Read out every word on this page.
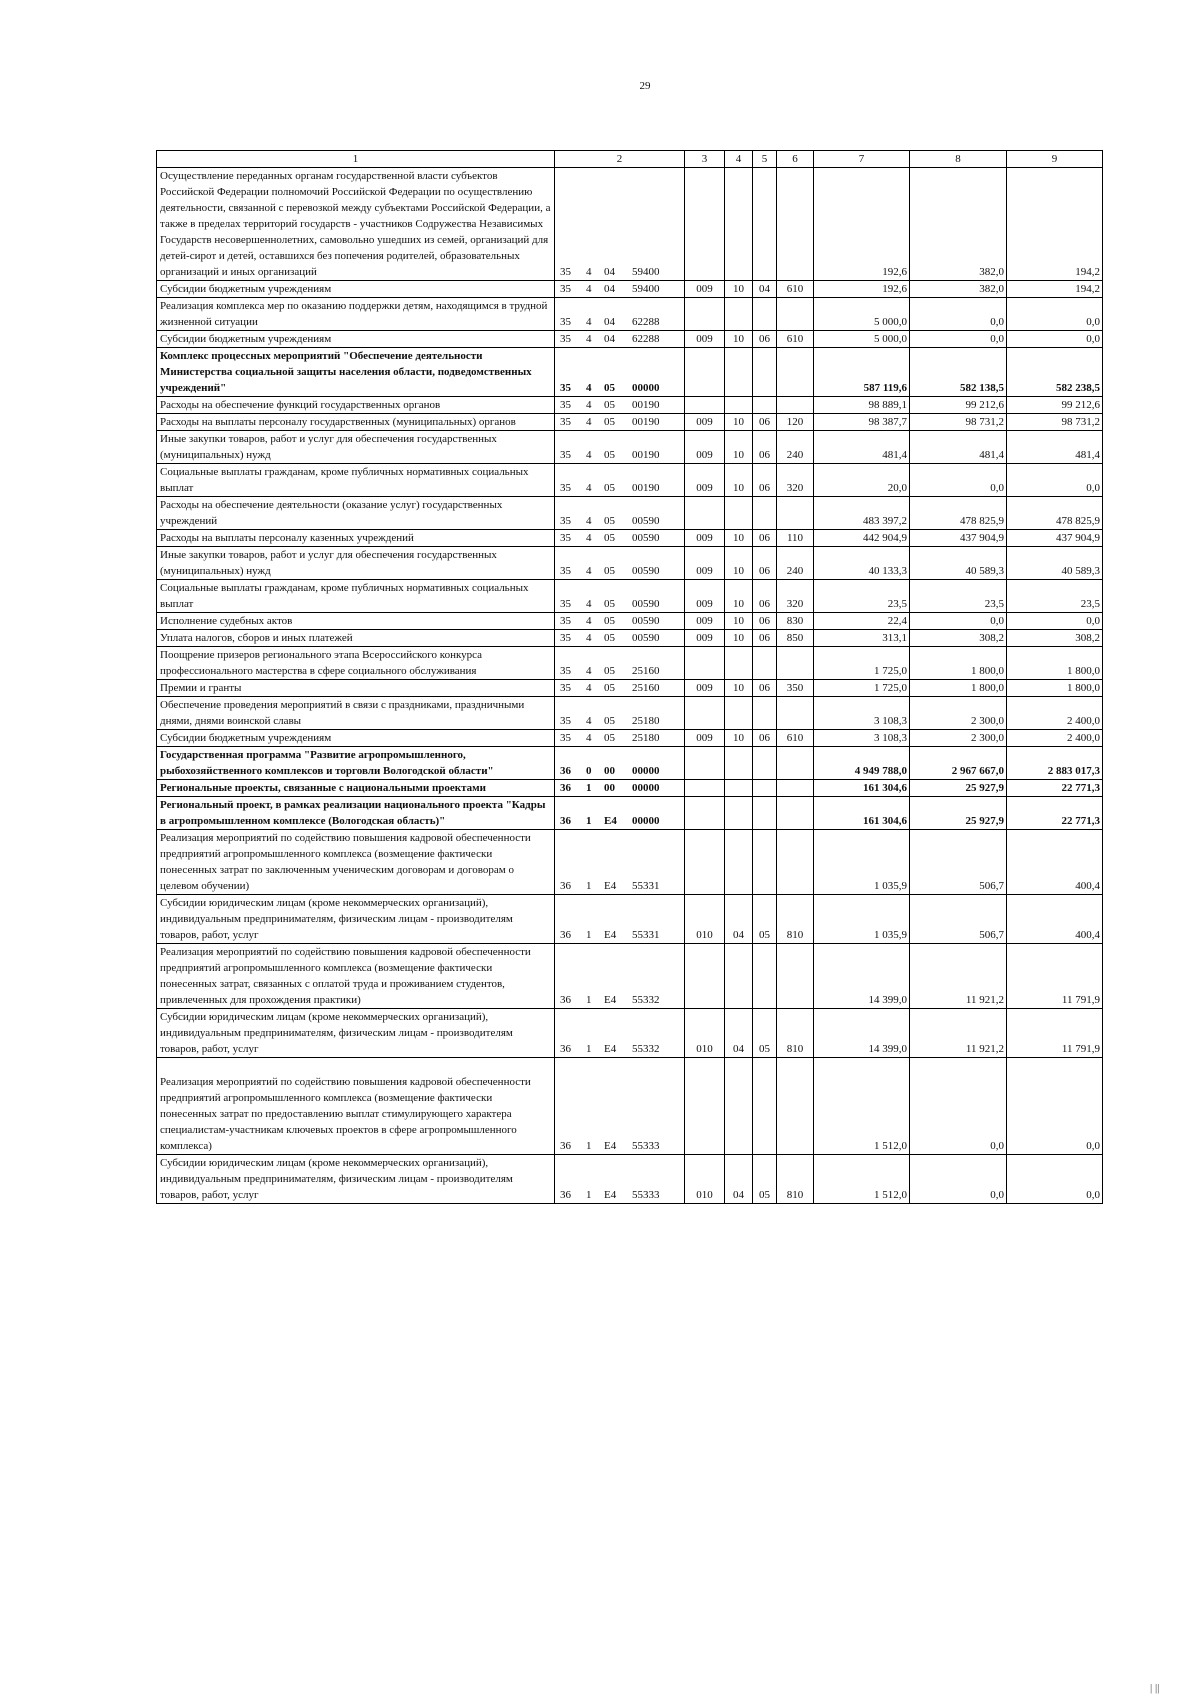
29
1	2	3	4	5	6	7	8	9
Осуществление переданных органам государственной власти субъектов Российской Федерации полномочий Российской Федерации по осуществлению деятельности, связанной с перевозкой между субъектами Российской Федерации, а также в пределах территорий государств - участников Содружества Независимых Государств несовершеннолетних, самовольно ушедших из семей, организаций для детей-сирот и детей, оставшихся без попечения родителей, образовательных организаций и иных организаций	35 4 04 59400					192,6	382,0	194,2
Субсидии бюджетным учреждениям	35 4 04 59400	009	10	04	610	192,6	382,0	194,2
Реализация комплекса мер по оказанию поддержки детям, находящимся в трудной жизненной ситуации	35 4 04 62288					5 000,0	0,0	0,0
Субсидии бюджетным учреждениям	35 4 04 62288	009	10	06	610	5 000,0	0,0	0,0
Комплекс процессных мероприятий "Обеспечение деятельности Министерства социальной защиты населения области, подведомственных учреждений"	35 4 05 00000					587 119,6	582 138,5	582 238,5
Расходы на обеспечение функций государственных органов	35 4 05 00190					98 889,1	99 212,6	99 212,6
Расходы на выплаты персоналу государственных (муниципальных) органов	35 4 05 00190	009	10	06	120	98 387,7	98 731,2	98 731,2
Иные закупки товаров, работ и услуг для обеспечения государственных (муниципальных) нужд	35 4 05 00190	009	10	06	240	481,4	481,4	481,4
Социальные выплаты гражданам, кроме публичных нормативных социальных выплат	35 4 05 00190	009	10	06	320	20,0	0,0	0,0
Расходы на обеспечение деятельности (оказание услуг) государственных учреждений	35 4 05 00590					483 397,2	478 825,9	478 825,9
Расходы на выплаты персоналу казенных учреждений	35 4 05 00590	009	10	06	110	442 904,9	437 904,9	437 904,9
Иные закупки товаров, работ и услуг для обеспечения государственных (муниципальных) нужд	35 4 05 00590	009	10	06	240	40 133,3	40 589,3	40 589,3
Социальные выплаты гражданам, кроме публичных нормативных социальных выплат	35 4 05 00590	009	10	06	320	23,5	23,5	23,5
Исполнение судебных актов	35 4 05 00590	009	10	06	830	22,4	0,0	0,0
Уплата налогов, сборов и иных платежей	35 4 05 00590	009	10	06	850	313,1	308,2	308,2
Поощрение призеров регионального этапа Всероссийского конкурса профессионального мастерства в сфере социального обслуживания	35 4 05 25160					1 725,0	1 800,0	1 800,0
Премии и гранты	35 4 05 25160	009	10	06	350	1 725,0	1 800,0	1 800,0
Обеспечение проведения мероприятий в связи с праздниками, праздничными днями, днями воинской славы	35 4 05 25180					3 108,3	2 300,0	2 400,0
Субсидии бюджетным учреждениям	35 4 05 25180	009	10	06	610	3 108,3	2 300,0	2 400,0
Государственная программа "Развитие агропромышленного, рыбохозяйственного комплексов и торговли Вологодской области"	36 0 00 00000					4 949 788,0	2 967 667,0	2 883 017,3
Региональные проекты, связанные с национальными проектами	36 1 00 00000					161 304,6	25 927,9	22 771,3
Региональный проект, в рамках реализации национального проекта "Кадры в агропромышленном комплексе (Вологодская область)"	36 1 Е4 00000					161 304,6	25 927,9	22 771,3
Реализация мероприятий по содействию повышения кадровой обеспеченности предприятий агропромышленного комплекса (возмещение фактически понесенных затрат по заключенным ученическим договорам и договорам о целевом обучении)	36 1 Е4 55331					1 035,9	506,7	400,4
Субсидии юридическим лицам (кроме некоммерческих организаций), индивидуальным предпринимателям, физическим лицам - производителям товаров, работ, услуг	36 1 Е4 55331	010	04	05	810	1 035,9	506,7	400,4
Реализация мероприятий по содействию повышения кадровой обеспеченности предприятий агропромышленного комплекса (возмещение фактически понесенных затрат, связанных с оплатой труда и проживанием студентов, привлеченных для прохождения практики)	36 1 Е4 55332					14 399,0	11 921,2	11 791,9
Субсидии юридическим лицам (кроме некоммерческих организаций), индивидуальным предпринимателям, физическим лицам - производителям товаров, работ, услуг	36 1 Е4 55332	010	04	05	810	14 399,0	11 921,2	11 791,9

Реализация мероприятий по содействию повышения кадровой обеспеченности предприятий агропромышленного комплекса (возмещение фактически понесенных затрат по предоставлению выплат стимулирующего характера специалистам-участникам ключевых проектов в сфере агропромышленного комплекса)	36 1 Е4 55333					1 512,0	0,0	0,0
Субсидии юридическим лицам (кроме некоммерческих организаций), индивидуальным предпринимателям, физическим лицам - производителям товаров, работ, услуг	36 1 Е4 55333	010	04	05	810	1 512,0	0,0	0,0
| ||
